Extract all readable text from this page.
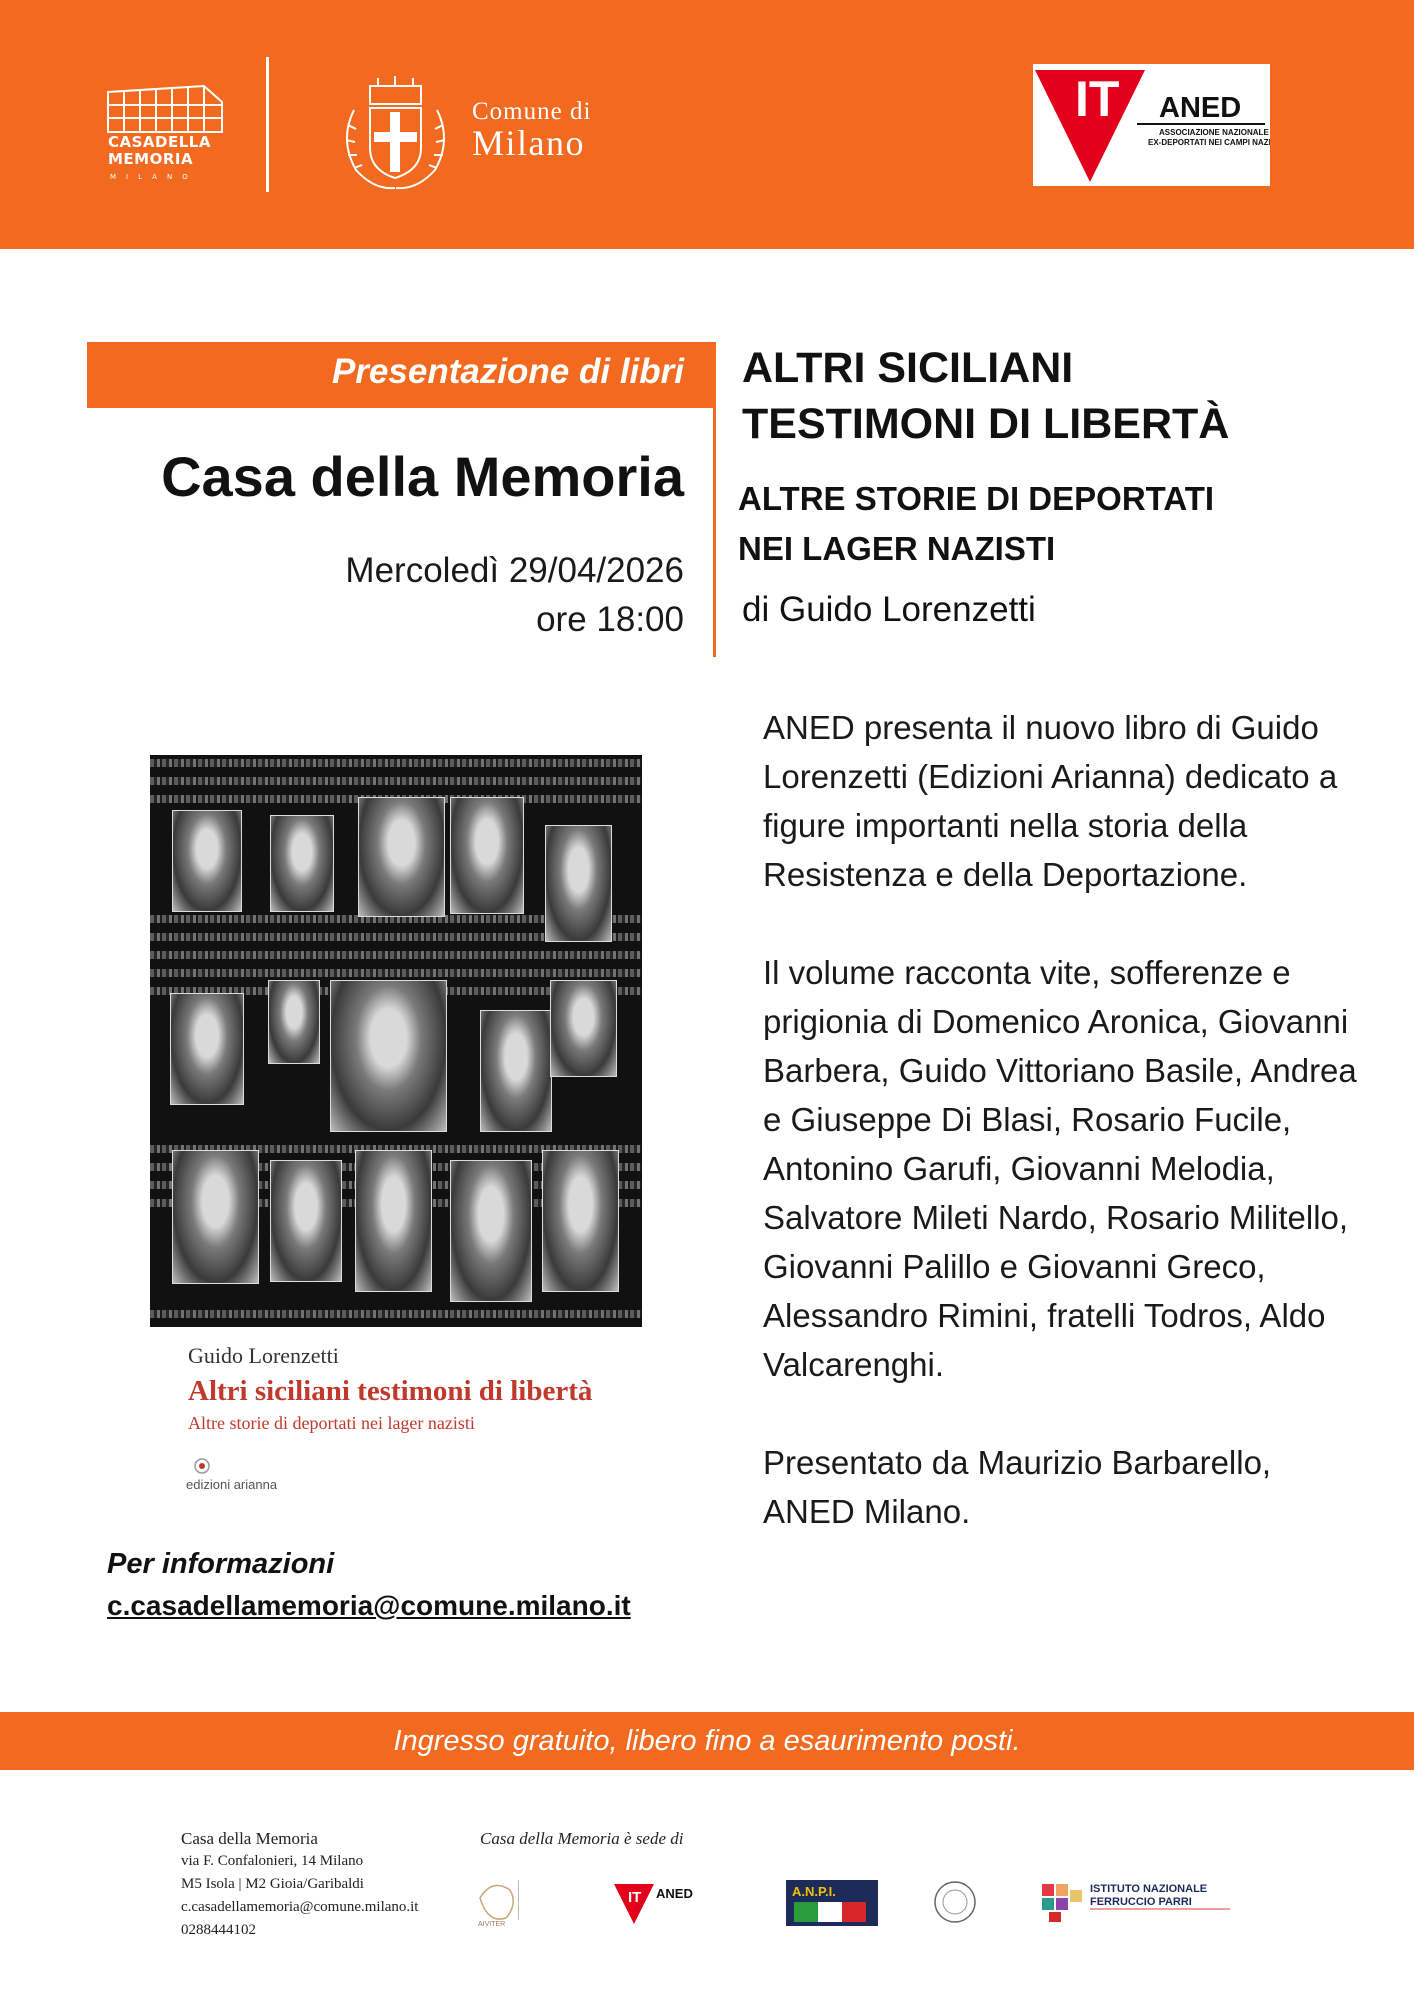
CASADELLA
MEMORIA
MILANO
Comune di
Milano
IT ANED
ASSOCIAZIONE NAZIONALE
EX-DEPORTATI NEI CAMPI NAZISTI
Presentazione di libri
Casa della Memoria
Mercoledì 29/04/2026
ore 18:00
ALTRI SICILIANI
TESTIMONI DI LIBERTÀ
ALTRE STORIE DI DEPORTATI
NEI LAGER NAZISTI
di Guido Lorenzetti
Guido Lorenzetti
Altri siciliani testimoni di libertà
Altre storie di deportati nei lager nazisti
edizioni arianna
Per informazioni
c.casadellamemoria@comune.milano.it

ANED presenta il nuovo libro di Guido Lorenzetti (Edizioni Arianna) dedicato a figure importanti nella storia della Resistenza e della Deportazione.

Il volume racconta vite, sofferenze e prigionia di Domenico Aronica, Giovanni Barbera, Guido Vittoriano Basile, Andrea e Giuseppe Di Blasi, Rosario Fucile, Antonino Garufi, Giovanni Melodia, Salvatore Mileti Nardo, Rosario Militello, Giovanni Palillo e Giovanni Greco, Alessandro Rimini, fratelli Todros, Aldo Valcarenghi.

Presentato da Maurizio Barbarello, ANED Milano.

Ingresso gratuito, libero fino a esaurimento posti.
Casa della Memoria
via F. Confalonieri, 14 Milano
M5 Isola | M2 Gioia/Garibaldi
c.casadellamemoria@comune.milano.it
0288444102
Casa della Memoria è sede di
AIVITER
IT ANED	A.N.P.I.	ISTITUTO NAZIONALE
FERRUCCIO PARRI
